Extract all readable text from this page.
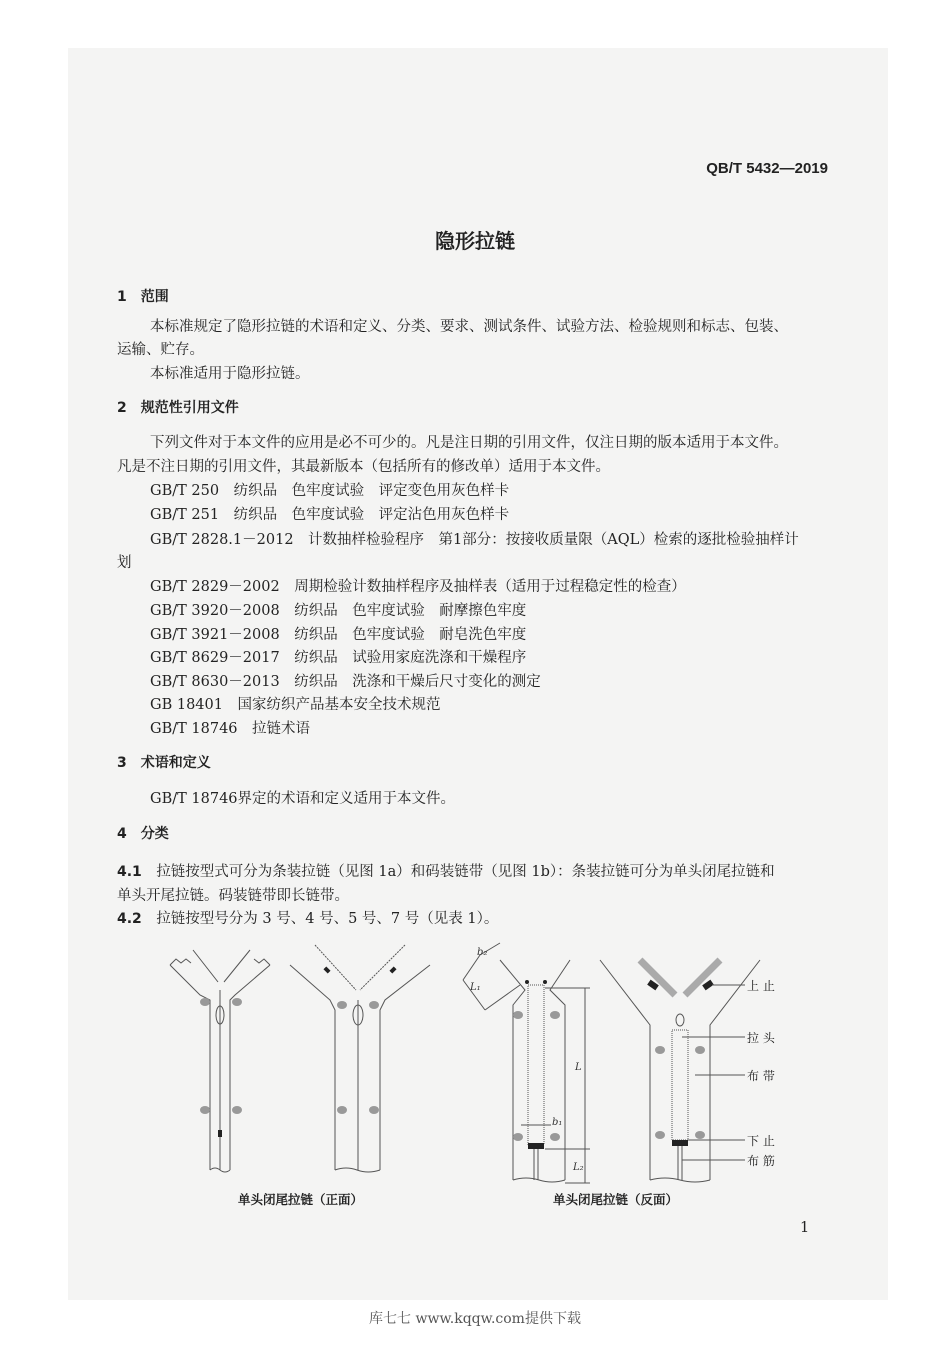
QB/T 5432—2019
隐形拉链
1　范围
本标准规定了隐形拉链的术语和定义、分类、要求、测试条件、试验方法、检验规则和标志、包装、
运输、贮存。
本标准适用于隐形拉链。
2　规范性引用文件
下列文件对于本文件的应用是必不可少的。凡是注日期的引用文件，仅注日期的版本适用于本文件。
凡是不注日期的引用文件，其最新版本（包括所有的修改单）适用于本文件。
GB/T 250　纺织品　色牢度试验　评定变色用灰色样卡
GB/T 251　纺织品　色牢度试验　评定沾色用灰色样卡
GB/T 2828.1－2012　计数抽样检验程序　第1部分：按接收质量限（AQL）检索的逐批检验抽样计
划
GB/T 2829－2002　周期检验计数抽样程序及抽样表（适用于过程稳定性的检查）
GB/T 3920－2008　纺织品　色牢度试验　耐摩擦色牢度
GB/T 3921－2008　纺织品　色牢度试验　耐皂洗色牢度
GB/T 8629－2017　纺织品　试验用家庭洗涤和干燥程序
GB/T 8630－2013　纺织品　洗涤和干燥后尺寸变化的测定
GB 18401　国家纺织产品基本安全技术规范
GB/T 18746　拉链术语
3　术语和定义
GB/T 18746界定的术语和定义适用于本文件。
4　分类
4.1　 拉链按型式可分为条装拉链（见图 1a）和码装链带（见图 1b）：条装拉链可分为单头闭尾拉链和
单头开尾拉链。码装链带即长链带。
4.2　 拉链按型号分为 3 号、4 号、5 号、7 号（见表 1）。
单头闭尾拉链（正面）
b₂
L₁
L
b₁
L₂
上 止
拉 头
布 带
下 止
布 筋
单头闭尾拉链（反面）
1
库七七 www.kqqw.com提供下载
